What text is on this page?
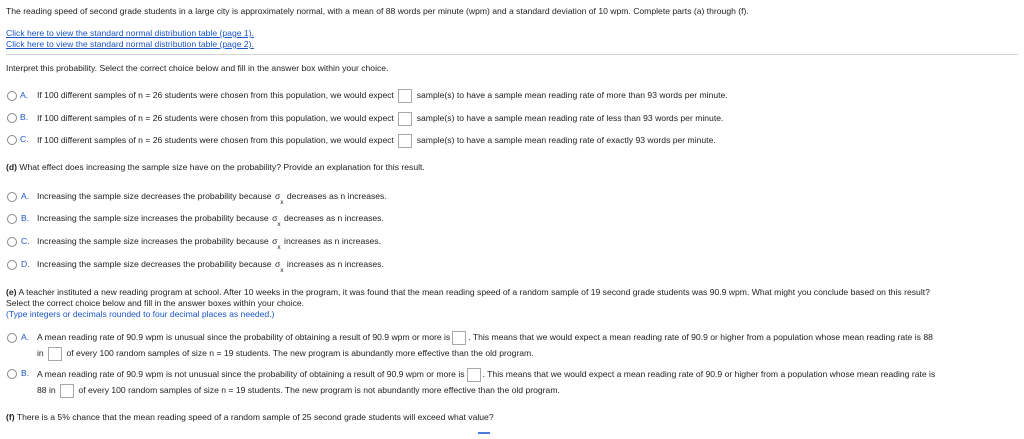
The reading speed of second grade students in a large city is approximately normal, with a mean of 88 words per minute (wpm) and a standard deviation of 10 wpm. Complete parts (a) through (f).
Click here to view the standard normal distribution table (page 1).
Click here to view the standard normal distribution table (page 2).
Interpret this probability. Select the correct choice below and fill in the answer box within your choice.
A. If 100 different samples of n = 26 students were chosen from this population, we would expect	sample(s) to have a sample mean reading rate of more than 93 words per minute.
B. If 100 different samples of n = 26 students were chosen from this population, we would expect	sample(s) to have a sample mean reading rate of less than 93 words per minute.
C. If 100 different samples of n = 26 students were chosen from this population, we would expect	sample(s) to have a sample mean reading rate of exactly 93 words per minute.
(d) What effect does increasing the sample size have on the probability? Provide an explanation for this result.
A. Increasing the sample size decreases the probability because $\sigma_x$ decreases as n increases.
B. Increasing the sample size increases the probability because $\sigma_x$ decreases as n increases.
C. Increasing the sample size increases the probability because $\sigma_x$ increases as n increases.
D. Increasing the sample size decreases the probability because $\sigma_x$ increases as n increases.
(e) A teacher instituted a new reading program at school. After 10 weeks in the program, it was found that the mean reading speed of a random sample of 19 second grade students was 90.9 wpm. What might you conclude based on this result?
Select the correct choice below and fill in the answer boxes within your choice.
(Type integers or decimals rounded to four decimal places as needed.)
A. A mean reading rate of 90.9 wpm is unusual since the probability of obtaining a result of 90.9 wpm or more is . This means that we would expect a mean reading rate of 90.9 or higher from a population whose mean reading rate is 88
in	of every 100 random samples of size n = 19 students. The new program is abundantly more effective than the old program.
B. A mean reading rate of 90.9 wpm is not unusual since the probability of obtaining a result of 90.9 wpm or more is . This means that we would expect a mean reading rate of 90.9 or higher from a population whose mean reading rate is
88 in	of every 100 random samples of size n = 19 students. The new program is not abundantly more effective than the old program.
(f) There is a 5% chance that the mean reading speed of a random sample of 25 second grade students will exceed what value?
